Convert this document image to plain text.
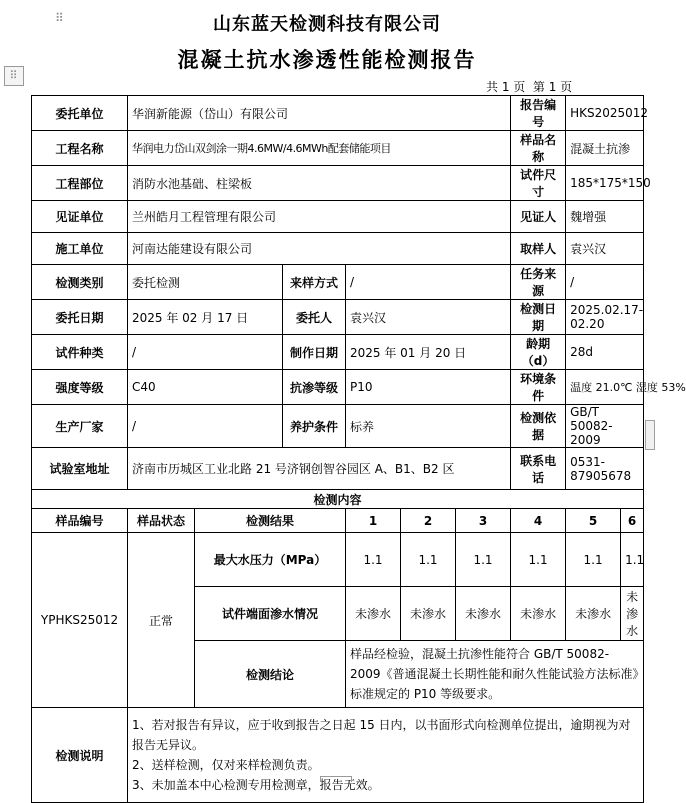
⠿
⠿
山东蓝天检测科技有限公司
混凝土抗水渗透性能检测报告
共 1 页  第 1 页
委托单位	华润新能源（岱山）有限公司						报告编号	HKS2025012	
工程名称	华润电力岱山双剑涂一期4.6MW/4.6MWh配套储能项目						样品名称	混凝土抗渗	
工程部位	消防水池基础、柱梁板						试件尺寸	185*175*150	
见证单位	兰州皓月工程管理有限公司						见证人	魏增强	
施工单位	河南达能建设有限公司						取样人	袁兴汉	
检测类别	委托检测		来样方式	/			任务来源	/	
委托日期	2025 年 02 月 17 日		委托人	袁兴汉			检测日期	2025.02.17-02.20	
试件种类	/		制作日期	2025 年 01 月 20 日			龄期（d）	28d	
强度等级	C40		抗渗等级	P10			环境条件	温度 21.0℃ 湿度 53%	
生产厂家	/		养护条件	标养			检测依据	GB/T 50082-2009	
试验室地址	济南市历城区工业北路 21 号济钢创智谷园区 A、B1、B2 区						联系电话	0531-87905678	
检测内容									
样品编号	样品状态	检测结果		1	2	3	4	5	6
YPHKS25012	正常	最大水压力（MPa）		1.1	1.1	1.1	1.1	1.1	1.1
		试件端面渗水情况		未渗水	未渗水	未渗水	未渗水	未渗水	未渗水
		检测结论		样品经检验，混凝土抗渗性能符合 GB/T 50082-2009《普通混凝土长期性能和耐久性能试验方法标准》标准规定的 P10 等级要求。					
检测说明	1、若对报告有异议，应于收到报告之日起 15 日内，以书面形式向检测单位提出，逾期视为对报告无异议。
2、送样检测，仅对来样检测负责。
3、未加盖本中心检测专用检测章，报告无效。								
